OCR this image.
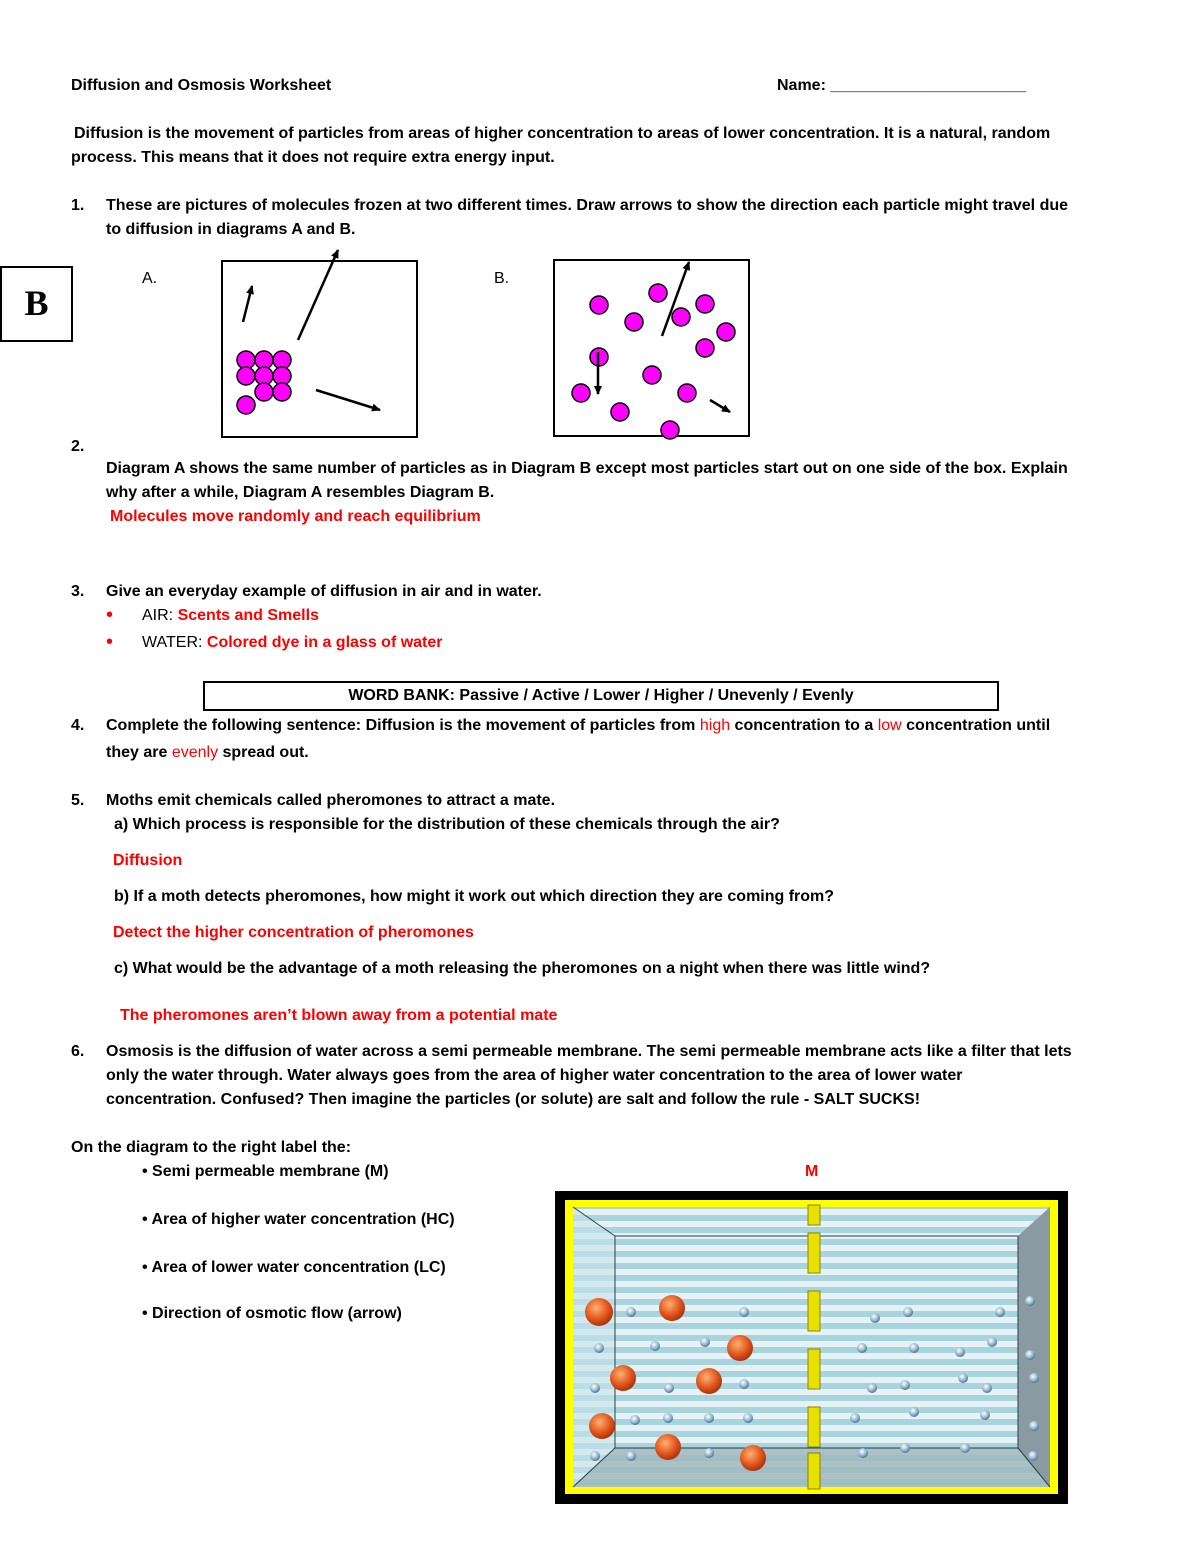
Diffusion and Osmosis Worksheet	Name: ______________________
Diffusion is the movement of particles from areas of higher concentration to areas of lower concentration. It is a natural, random
process. This means that it does not require extra energy input.
1. These are pictures of molecules frozen at two different times. Draw arrows to show the direction each particle might travel due
to diffusion in diagrams A and B.
B
A.	B.
2.
Diagram A shows the same number of particles as in Diagram B except most particles start out on one side of the box. Explain
why after a while, Diagram A resembles Diagram B.
Molecules move randomly and reach equilibrium
3. Give an everyday example of diffusion in air and in water.
• AIR: Scents and Smells
• WATER: Colored dye in a glass of water
WORD BANK: Passive / Active / Lower / Higher / Unevenly / Evenly
4. Complete the following sentence: Diffusion is the movement of particles from high concentration to a low concentration until
they are evenly spread out.
5. Moths emit chemicals called pheromones to attract a mate.
a) Which process is responsible for the distribution of these chemicals through the air?
Diffusion
b) If a moth detects pheromones, how might it work out which direction they are coming from?
Detect the higher concentration of pheromones
c) What would be the advantage of a moth releasing the pheromones on a night when there was little wind?
The pheromones aren’t blown away from a potential mate
6. Osmosis is the diffusion of water across a semi permeable membrane. The semi permeable membrane acts like a filter that lets
only the water through. Water always goes from the area of higher water concentration to the area of lower water
concentration. Confused? Then imagine the particles (or solute) are salt and follow the rule - SALT SUCKS!
On the diagram to the right label the:
• Semi permeable membrane (M)
• Area of higher water concentration (HC)
• Area of lower water concentration (LC)
• Direction of osmotic flow (arrow)
M
